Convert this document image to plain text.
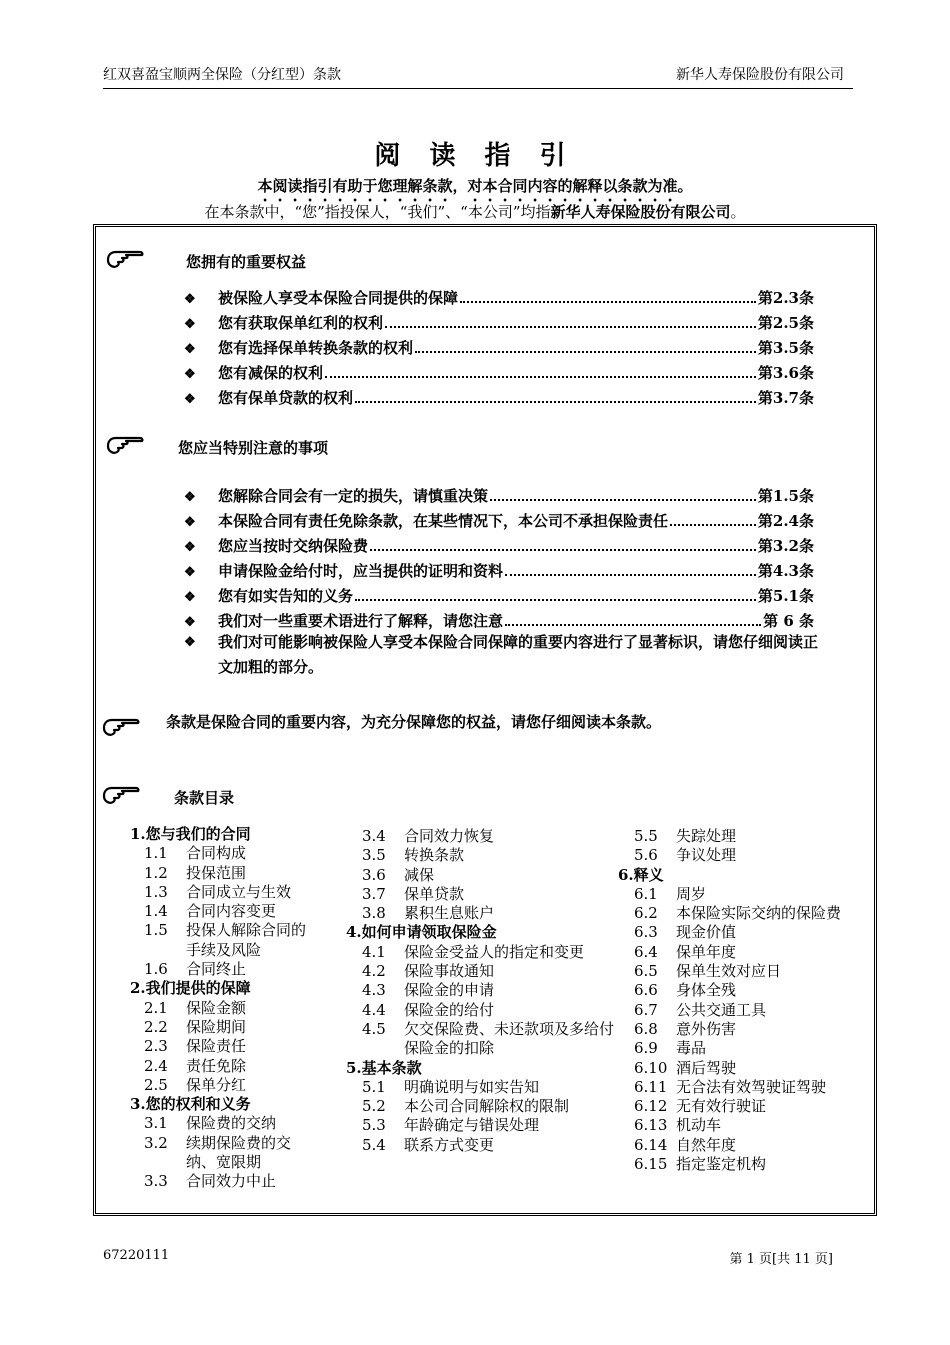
红双喜盈宝顺两全保险（分红型）条款	新华人寿保险股份有限公司
阅 读 指 引
本阅读指引有助于您理解条款，对本合同内容的解释以条款为准。
在本条款中，“您”指投保人，“我们”、“本公司”均指新华人寿保险股份有限公司。
您拥有的重要权益
❖	被保险人享受本保险合同提供的保障	第2.3条
❖	您有获取保单红利的权利	第2.5条
❖	您有选择保单转换条款的权利	第3.5条
❖	您有减保的权利	第3.6条
❖	您有保单贷款的权利	第3.7条
您应当特别注意的事项
❖	您解除合同会有一定的损失，请慎重决策	第1.5条
❖	本保险合同有责任免除条款，在某些情况下，本公司不承担保险责任	第2.4条
❖	您应当按时交纳保险费	第3.2条
❖	申请保险金给付时，应当提供的证明和资料	第4.3条
❖	您有如实告知的义务	第5.1条
❖	我们对一些重要术语进行了解释，请您注意	第 6 条
❖	我们对可能影响被保险人享受本保险合同保障的重要内容进行了显著标识，请您仔细阅读正文加粗的部分。
条款是保险合同的重要内容，为充分保障您的权益，请您仔细阅读本条款。
条款目录
1.您与我们的合同
1.1	合同构成
1.2	投保范围
1.3	合同成立与生效
1.4	合同内容变更
1.5	投保人解除合同的手续及风险
1.6	合同终止
2.我们提供的保障
2.1	保险金额
2.2	保险期间
2.3	保险责任
2.4	责任免除
2.5	保单分红
3.您的权利和义务
3.1	保险费的交纳
3.2	续期保险费的交纳、宽限期
3.3	合同效力中止
3.4	合同效力恢复
3.5	转换条款
3.6	减保
3.7	保单贷款
3.8	累积生息账户
4.如何申请领取保险金
4.1	保险金受益人的指定和变更
4.2	保险事故通知
4.3	保险金的申请
4.4	保险金的给付
4.5	欠交保险费、未还款项及多给付保险金的扣除
5.基本条款
5.1	明确说明与如实告知
5.2	本公司合同解除权的限制
5.3	年龄确定与错误处理
5.4	联系方式变更
5.5	失踪处理
5.6	争议处理
6.释义
6.1	周岁
6.2	本保险实际交纳的保险费
6.3	现金价值
6.4	保单年度
6.5	保单生效对应日
6.6	身体全残
6.7	公共交通工具
6.8	意外伤害
6.9	毒品
6.10 酒后驾驶
6.11 无合法有效驾驶证驾驶
6.12 无有效行驶证
6.13 机动车
6.14 自然年度
6.15 指定鉴定机构
67220111	第 1 页[共 11 页]
